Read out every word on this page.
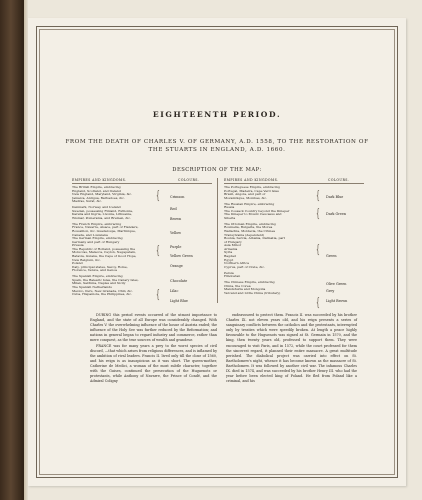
EIGHTEENTH PERIOD.
FROM THE DEATH OF CHARLES V. OF GERMANY, A.D. 1558, TO THE RESTORATION OF THE STUARTS IN ENGLAND, A.D. 1660.
DESCRIPTION OF THE MAP:
EMPIRES AND KINGDOMS.	COLOURS.
The British Empire, embracing
England, Scotland, and Ireland
New England, Maryland, Virginia, &c.
Jamaica, Antigua, Barbadoes, &c.
Madras, Surat, &c.
Denmark, Norway, and Iceland
Sweden, possessing Finland, Esthonia,
Karelia and Ingria, Livonia, Lithuania,
Wismar, Pomerania, and Bremen, &c.
The French Empire, embracing
France, Navarre, Alsace, part of Flanders,
Roussillon, &c. Guadaloupe, Martinique,
Canada, and Louisiana
The German Empire, embracing
Germany and part of Hungary
Prussia
The Republic of Holland, possessing the
Moluccas, Malacca, Ceylon, Negapatam,
Batavia, Guiana, the Cape of Good Hope,
New Belgium, &c.
Poland
Italy, principal states, Savoy, Rome,
Florence, Venice, and Genoa
The Spanish Empire, embracing
Spain, the Balearic Isles, the Canary Isles,
Milan, Sardinia, Naples and Sicily
The Spanish Netherlands
Mexico, Peru, New Granada, Chili, &c.
Cuba, Hispaniola, the Philippines, &c.
{
{
{
Crimson
Red
Brown
Yellow
Purple
Yellow Green
Orange
Chocolate
Lilac
Light Blue
EMPIRES AND KINGDOMS.	COLOURS.
The Portuguese Empire, embracing
Portugal, Madeira, Cape Verd Isles
Brazil, Angola, and part of
Mozambique, Mombas, &c.
The Russian Empire, embracing
Russia
The Cossack Country beyond the Dnieper
The Dnieper to Mount Caucasus and
Siberia
The Ottoman Empire, embracing
Roumelia, Bulgaria, the Morea
Wallachia, Moldavia, the Crimea
Transylvania (dependent)
Bosnia, Servia, Albania, Dalmatia, part
of Hungary
Asia Minor
Armenia
Syria
Bagdad
Egypt
Northern Africa
Cyprus, part of Crete, &c.
Persia
Hindostan
The Chinese Empire, embracing
China, the Corea
Mandshuria and Mongolia
Yarcand and Little China (tributary)
{
{
{
{
Dark Blue
Dark Green
Green
Olive Green
Grey
Light Brown

DURING this period events occurred of the utmost importance to England, and the state of all Europe was considerably changed. With Charles V. the overwhelming influence of the house of Austria ended; the influence of the Holy See was further reduced by the Reformation; and nations in general began to regard industry and commerce, rather than mere conquest, as the true sources of wealth and grandeur.

FRANCE was for many years a prey to the worst species of civil discord, —that which arises from religious differences, and is inflamed by the ambition of rival leaders. Francis II. lived only till the close of 1560, and his reign is as inauspicious as it was short. The queen-mother, Catherine de Medici, a woman of the most subtle character, together with the Guises, continued the persecution of the Huguenots or protestants, while Anthony of Navarre, the Prince of Condé, and the Admiral Coligny

endeavoured to protect them. Francis II. was succeeded by his brother Charles IX. not eleven years old, and his reign presents a series of sanguinary conflicts between the catholics and the protestants, interrupted only by treaties which were speedily broken. At length a peace highly favourable to the Huguenots was signed at St. Germain in 1570, and the king, then twenty years old, professed to support them. They were encouraged to visit Paris, and in 1572, while the court professed for them the sincerest regard, it planned their entire massacre. A great multitude perished. The diabolical project was carried into effect on St. Bartholomew's night, whence it has become known as the massacre of St. Bartholomew. It was followed by another civil war. The infamous Charles IX. died in 1574, and was succeeded by his brother Henry III. who had the year before been elected king of Poland. He fled from Poland like a criminal, and his
